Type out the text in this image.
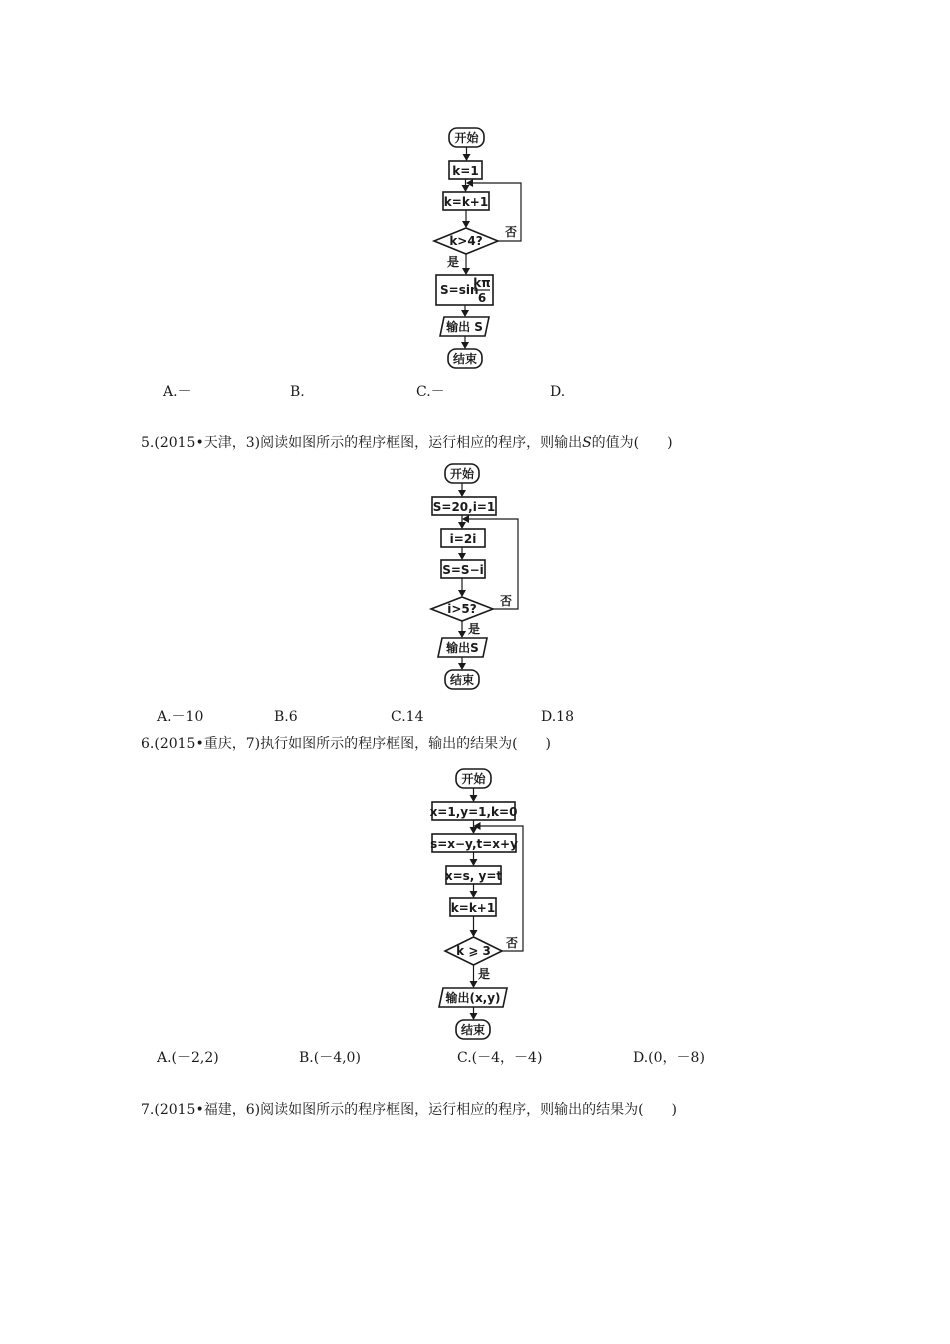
开始
k=1
k=k+1
k>4?
否
是
S=sin
kπ
6
输出 S
结束
开始
S=20,i=1
i=2i
S=S−i
i>5?
否
是
输出S
结束
开始
x=1,y=1,k=0
s=x−y,t=x+y
x=s, y=t
k=k+1
k ⩾ 3
否
是
输出(x,y)
结束
A.－	B.	C.－	D.
5.(2015•天津，3)阅读如图所示的程序框图，运行相应的程序，则输出S的值为(　　)
A.－10	B.6	C.14	D.18
6.(2015•重庆，7)执行如图所示的程序框图，输出的结果为(　　)
A.(－2,2)	B.(－4,0)	C.(－4，－4)	D.(0，－8)
7.(2015•福建，6)阅读如图所示的程序框图，运行相应的程序，则输出的结果为(　　)
